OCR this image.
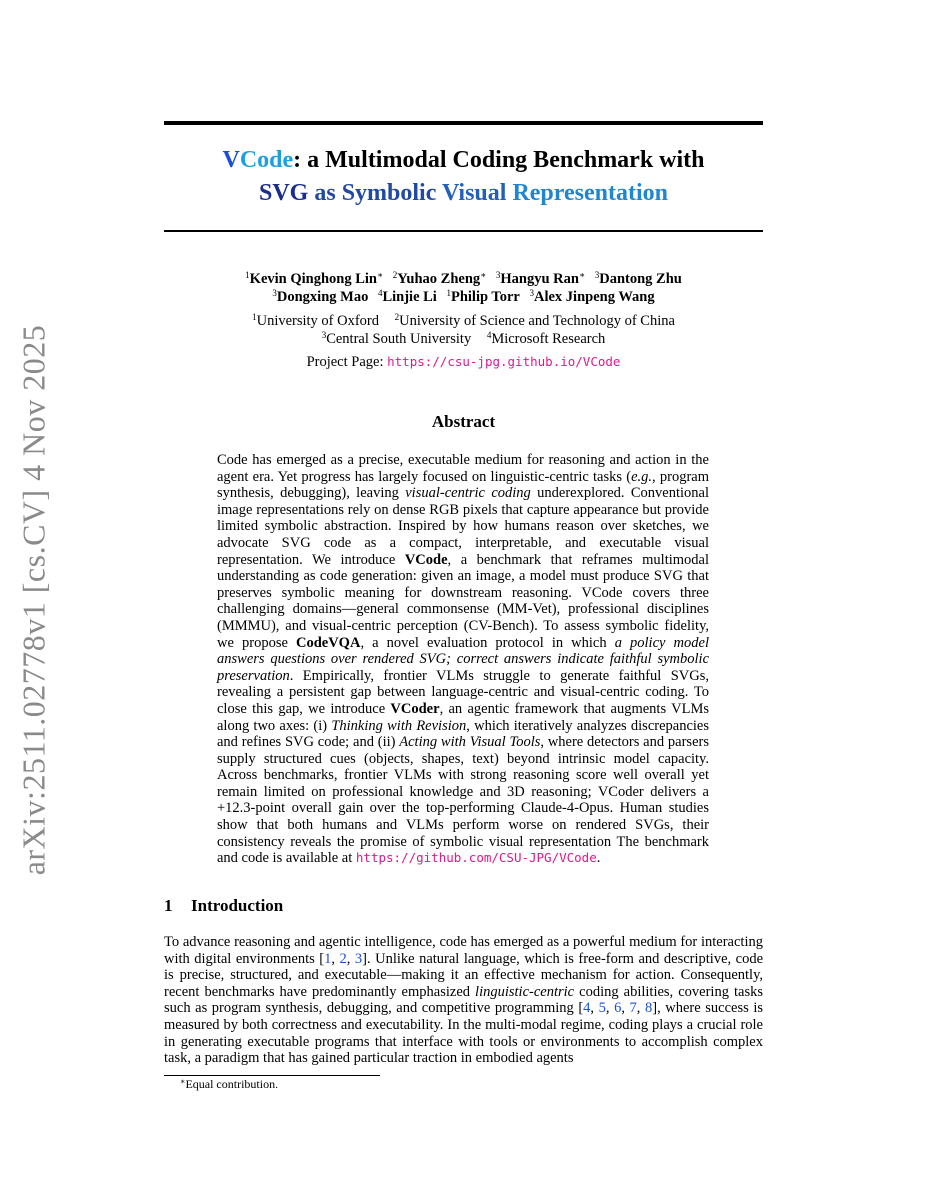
arXiv:2511.02778v1 [cs.CV] 4 Nov 2025
VCode: a Multimodal Coding Benchmark with
SVG as Symbolic Visual Representation
$^1$Kevin Qinghong Lin∗ $^2$Yuhao Zheng∗ $^3$Hangyu Ran∗ $^3$Dantong Zhu
$^3$Dongxing Mao $^4$Linjie Li $^1$Philip Torr $^3$Alex Jinpeng Wang
$^1$University of Oxford $^2$University of Science and Technology of China
$^3$Central South University $^4$Microsoft Research
Project Page: https://csu-jpg.github.io/VCode
Abstract
Code has emerged as a precise, executable medium for reasoning and action in the agent era. Yet progress has largely focused on linguistic-centric tasks (e.g., program synthesis, debugging), leaving visual-centric coding underexplored. Conventional image representations rely on dense RGB pixels that capture appearance but provide limited symbolic abstraction. Inspired by how humans reason over sketches, we advocate SVG code as a compact, interpretable, and executable visual representation. We introduce VCode, a benchmark that reframes multimodal understanding as code generation: given an image, a model must produce SVG that preserves symbolic meaning for downstream reasoning. VCode covers three challenging domains—general commonsense (MM-Vet), professional disciplines (MMMU), and visual-centric perception (CV-Bench). To assess symbolic fidelity, we propose CodeVQA, a novel evaluation protocol in which a policy model answers questions over rendered SVG; correct answers indicate faithful symbolic preservation. Empirically, frontier VLMs struggle to generate faithful SVGs, revealing a persistent gap between language-centric and visual-centric coding. To close this gap, we introduce VCoder, an agentic framework that augments VLMs along two axes: (i) Thinking with Revision, which iteratively analyzes discrepancies and refines SVG code; and (ii) Acting with Visual Tools, where detectors and parsers supply structured cues (objects, shapes, text) beyond intrinsic model capacity. Across benchmarks, frontier VLMs with strong reasoning score well overall yet remain limited on professional knowledge and 3D reasoning; VCoder delivers a +12.3-point overall gain over the top-performing Claude-4-Opus. Human studies show that both humans and VLMs perform worse on rendered SVGs, their consistency reveals the promise of symbolic visual representation The benchmark and code is available at https://github.com/CSU-JPG/VCode.
1 Introduction
To advance reasoning and agentic intelligence, code has emerged as a powerful medium for interacting with digital environments [1, 2, 3]. Unlike natural language, which is free-form and descriptive, code is precise, structured, and executable—making it an effective mechanism for action. Consequently, recent benchmarks have predominantly emphasized linguistic-centric coding abilities, covering tasks such as program synthesis, debugging, and competitive programming [4, 5, 6, 7, 8], where success is measured by both correctness and executability. In the multi-modal regime, coding plays a crucial role in generating executable programs that interface with tools or environments to accomplish complex task, a paradigm that has gained particular traction in embodied agents
∗Equal contribution.
